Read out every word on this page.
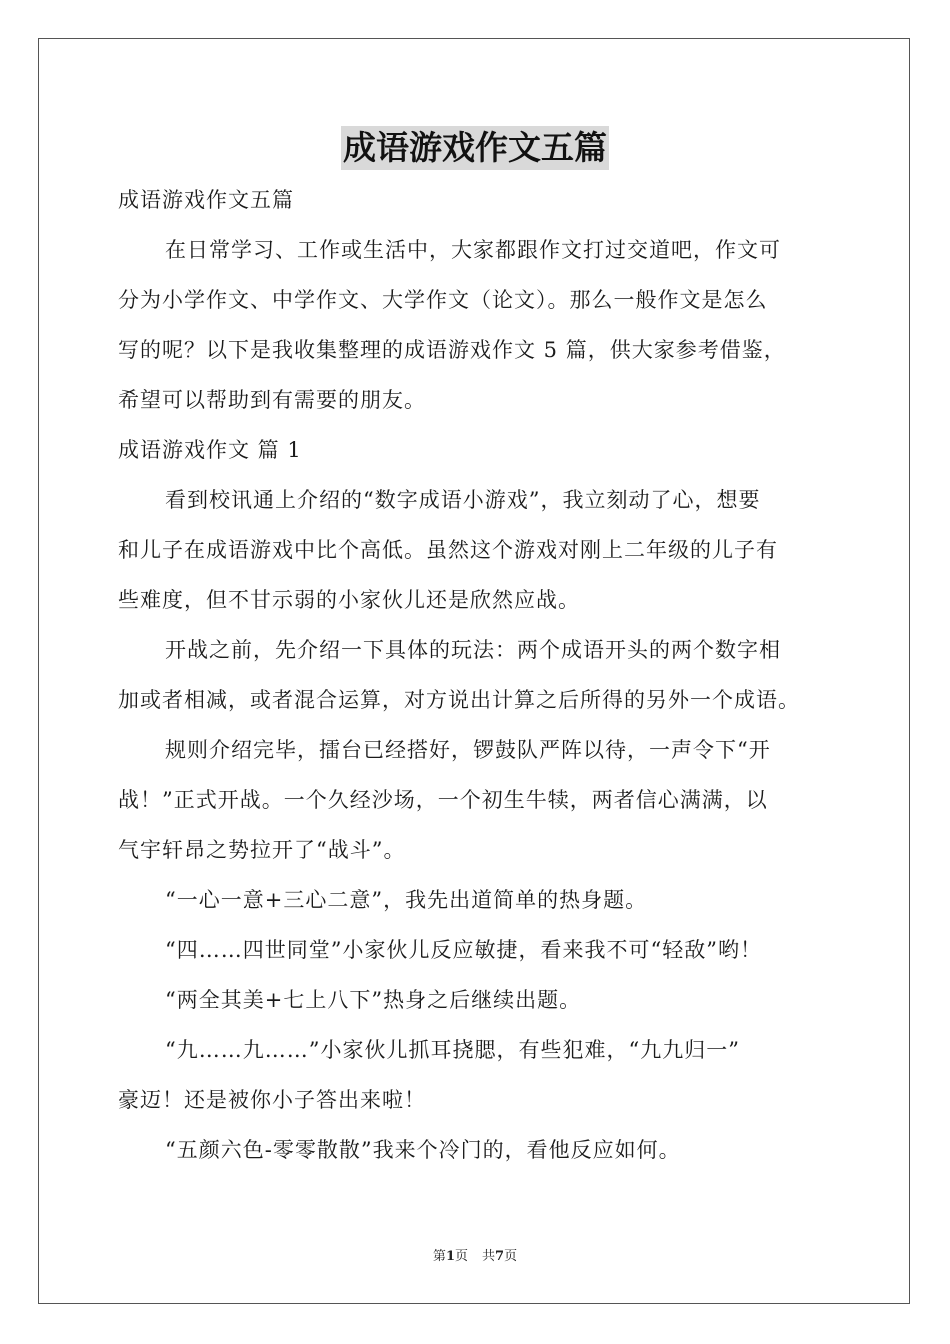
成语游戏作文五篇

成语游戏作文五篇

在日常学习、工作或生活中，大家都跟作文打过交道吧，作文可

分为小学作文、中学作文、大学作文（论文）。那么一般作文是怎么

写的呢？以下是我收集整理的成语游戏作文 5 篇，供大家参考借鉴，

希望可以帮助到有需要的朋友。

成语游戏作文 篇 1

看到校讯通上介绍的“数字成语小游戏”，我立刻动了心，想要

和儿子在成语游戏中比个高低。虽然这个游戏对刚上二年级的儿子有

些难度，但不甘示弱的小家伙儿还是欣然应战。

开战之前，先介绍一下具体的玩法：两个成语开头的两个数字相

加或者相减，或者混合运算，对方说出计算之后所得的另外一个成语。

规则介绍完毕，擂台已经搭好，锣鼓队严阵以待，一声令下“开

战！”正式开战。一个久经沙场，一个初生牛犊，两者信心满满，以

气宇轩昂之势拉开了“战斗”。

“一心一意+三心二意”，我先出道简单的热身题。

“四……四世同堂”小家伙儿反应敏捷，看来我不可“轻敌”哟！

“两全其美+七上八下”热身之后继续出题。

“九……九……”小家伙儿抓耳挠腮，有些犯难，“九九归一”

豪迈！还是被你小子答出来啦！

“五颜六色-零零散散”我来个冷门的，看他反应如何。

第1页 共7页
